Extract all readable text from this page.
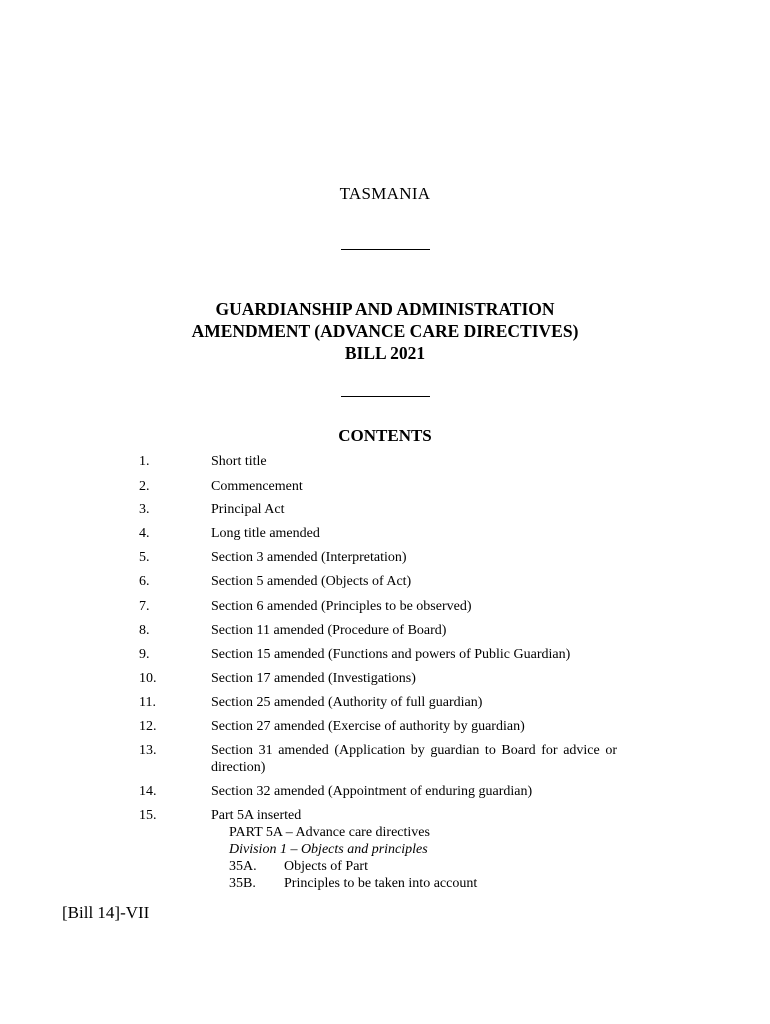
TASMANIA
GUARDIANSHIP AND ADMINISTRATION
AMENDMENT (ADVANCE CARE DIRECTIVES)
BILL 2021
CONTENTS
1.	Short title
2.	Commencement
3.	Principal Act
4.	Long title amended
5.	Section 3 amended (Interpretation)
6.	Section 5 amended (Objects of Act)
7.	Section 6 amended (Principles to be observed)
8.	Section 11 amended (Procedure of Board)
9.	Section 15 amended (Functions and powers of Public Guardian)
10.	Section 17 amended (Investigations)
11.	Section 25 amended (Authority of full guardian)
12.	Section 27 amended (Exercise of authority by guardian)
13.	Section 31 amended (Application by guardian to Board for advice or direction)
14.	Section 32 amended (Appointment of enduring guardian)
15.	Part 5A inserted
PART 5A – Advance care directives
Division 1 – Objects and principles
35A. Objects of Part
35B. Principles to be taken into account
[Bill 14]-VII
